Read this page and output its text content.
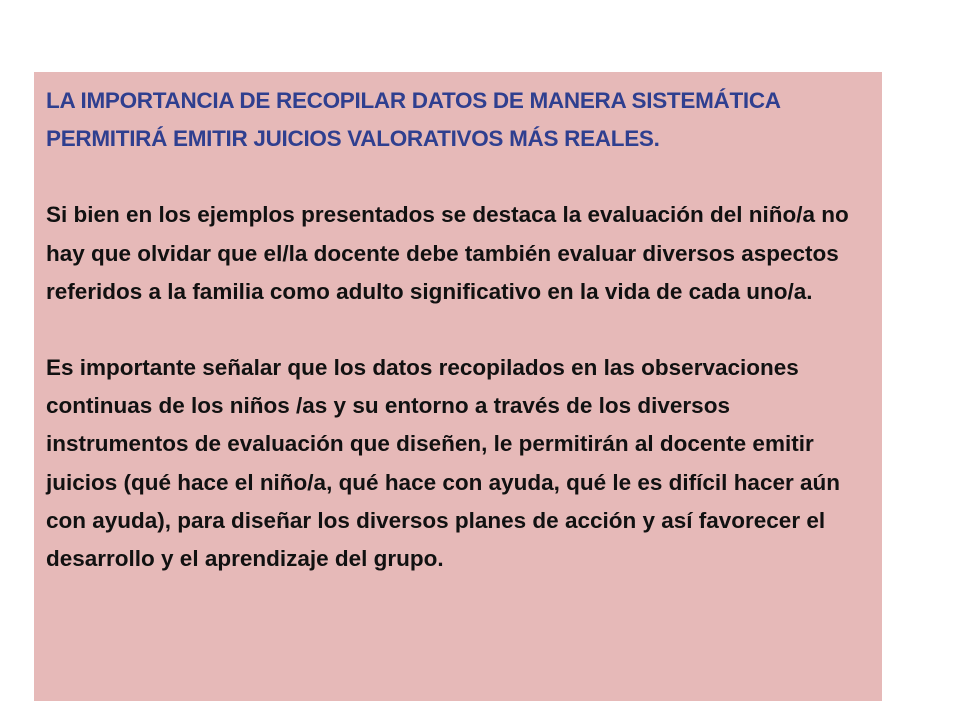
LA IMPORTANCIA DE RECOPILAR DATOS DE MANERA SISTEMÁTICA PERMITIRÁ EMITIR JUICIOS VALORATIVOS MÁS REALES.

Si bien en los ejemplos presentados se destaca la evaluación del niño/a no hay que olvidar que el/la docente debe también evaluar diversos aspectos referidos a la familia como adulto significativo en la vida de cada uno/a.

Es importante señalar que los datos recopilados en las observaciones continuas de los niños /as y su entorno a través de los diversos instrumentos de evaluación que diseñen, le permitirán al docente emitir juicios (qué hace el niño/a, qué hace con ayuda, qué le es difícil hacer aún con ayuda), para diseñar los diversos planes de acción y así favorecer el desarrollo y el aprendizaje del grupo.
